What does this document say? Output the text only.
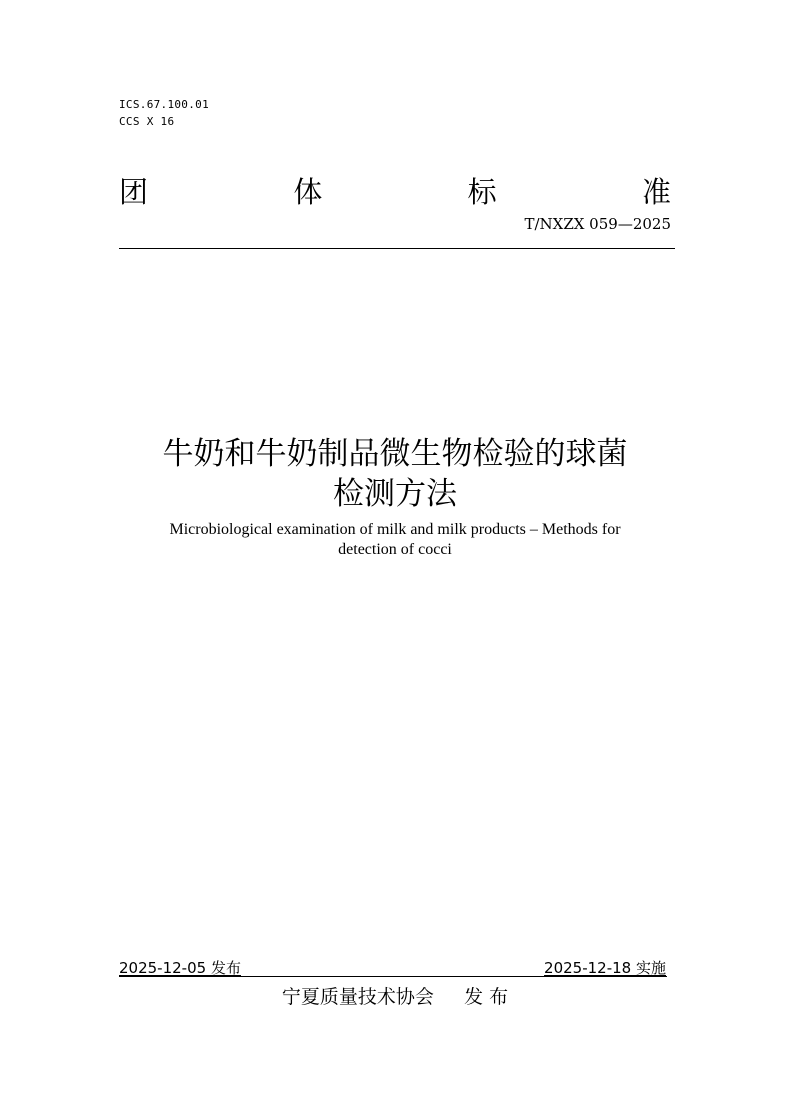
ICS.67.100.01
CCS X 16
团	体	标	准
T/NXZX 059—2025
牛奶和牛奶制品微生物检验的球菌
检测方法
Microbiological examination of milk and milk products – Methods for
detection of cocci
2025-12-05 发布	2025-12-18 实施
宁夏质量技术协会 发 布
